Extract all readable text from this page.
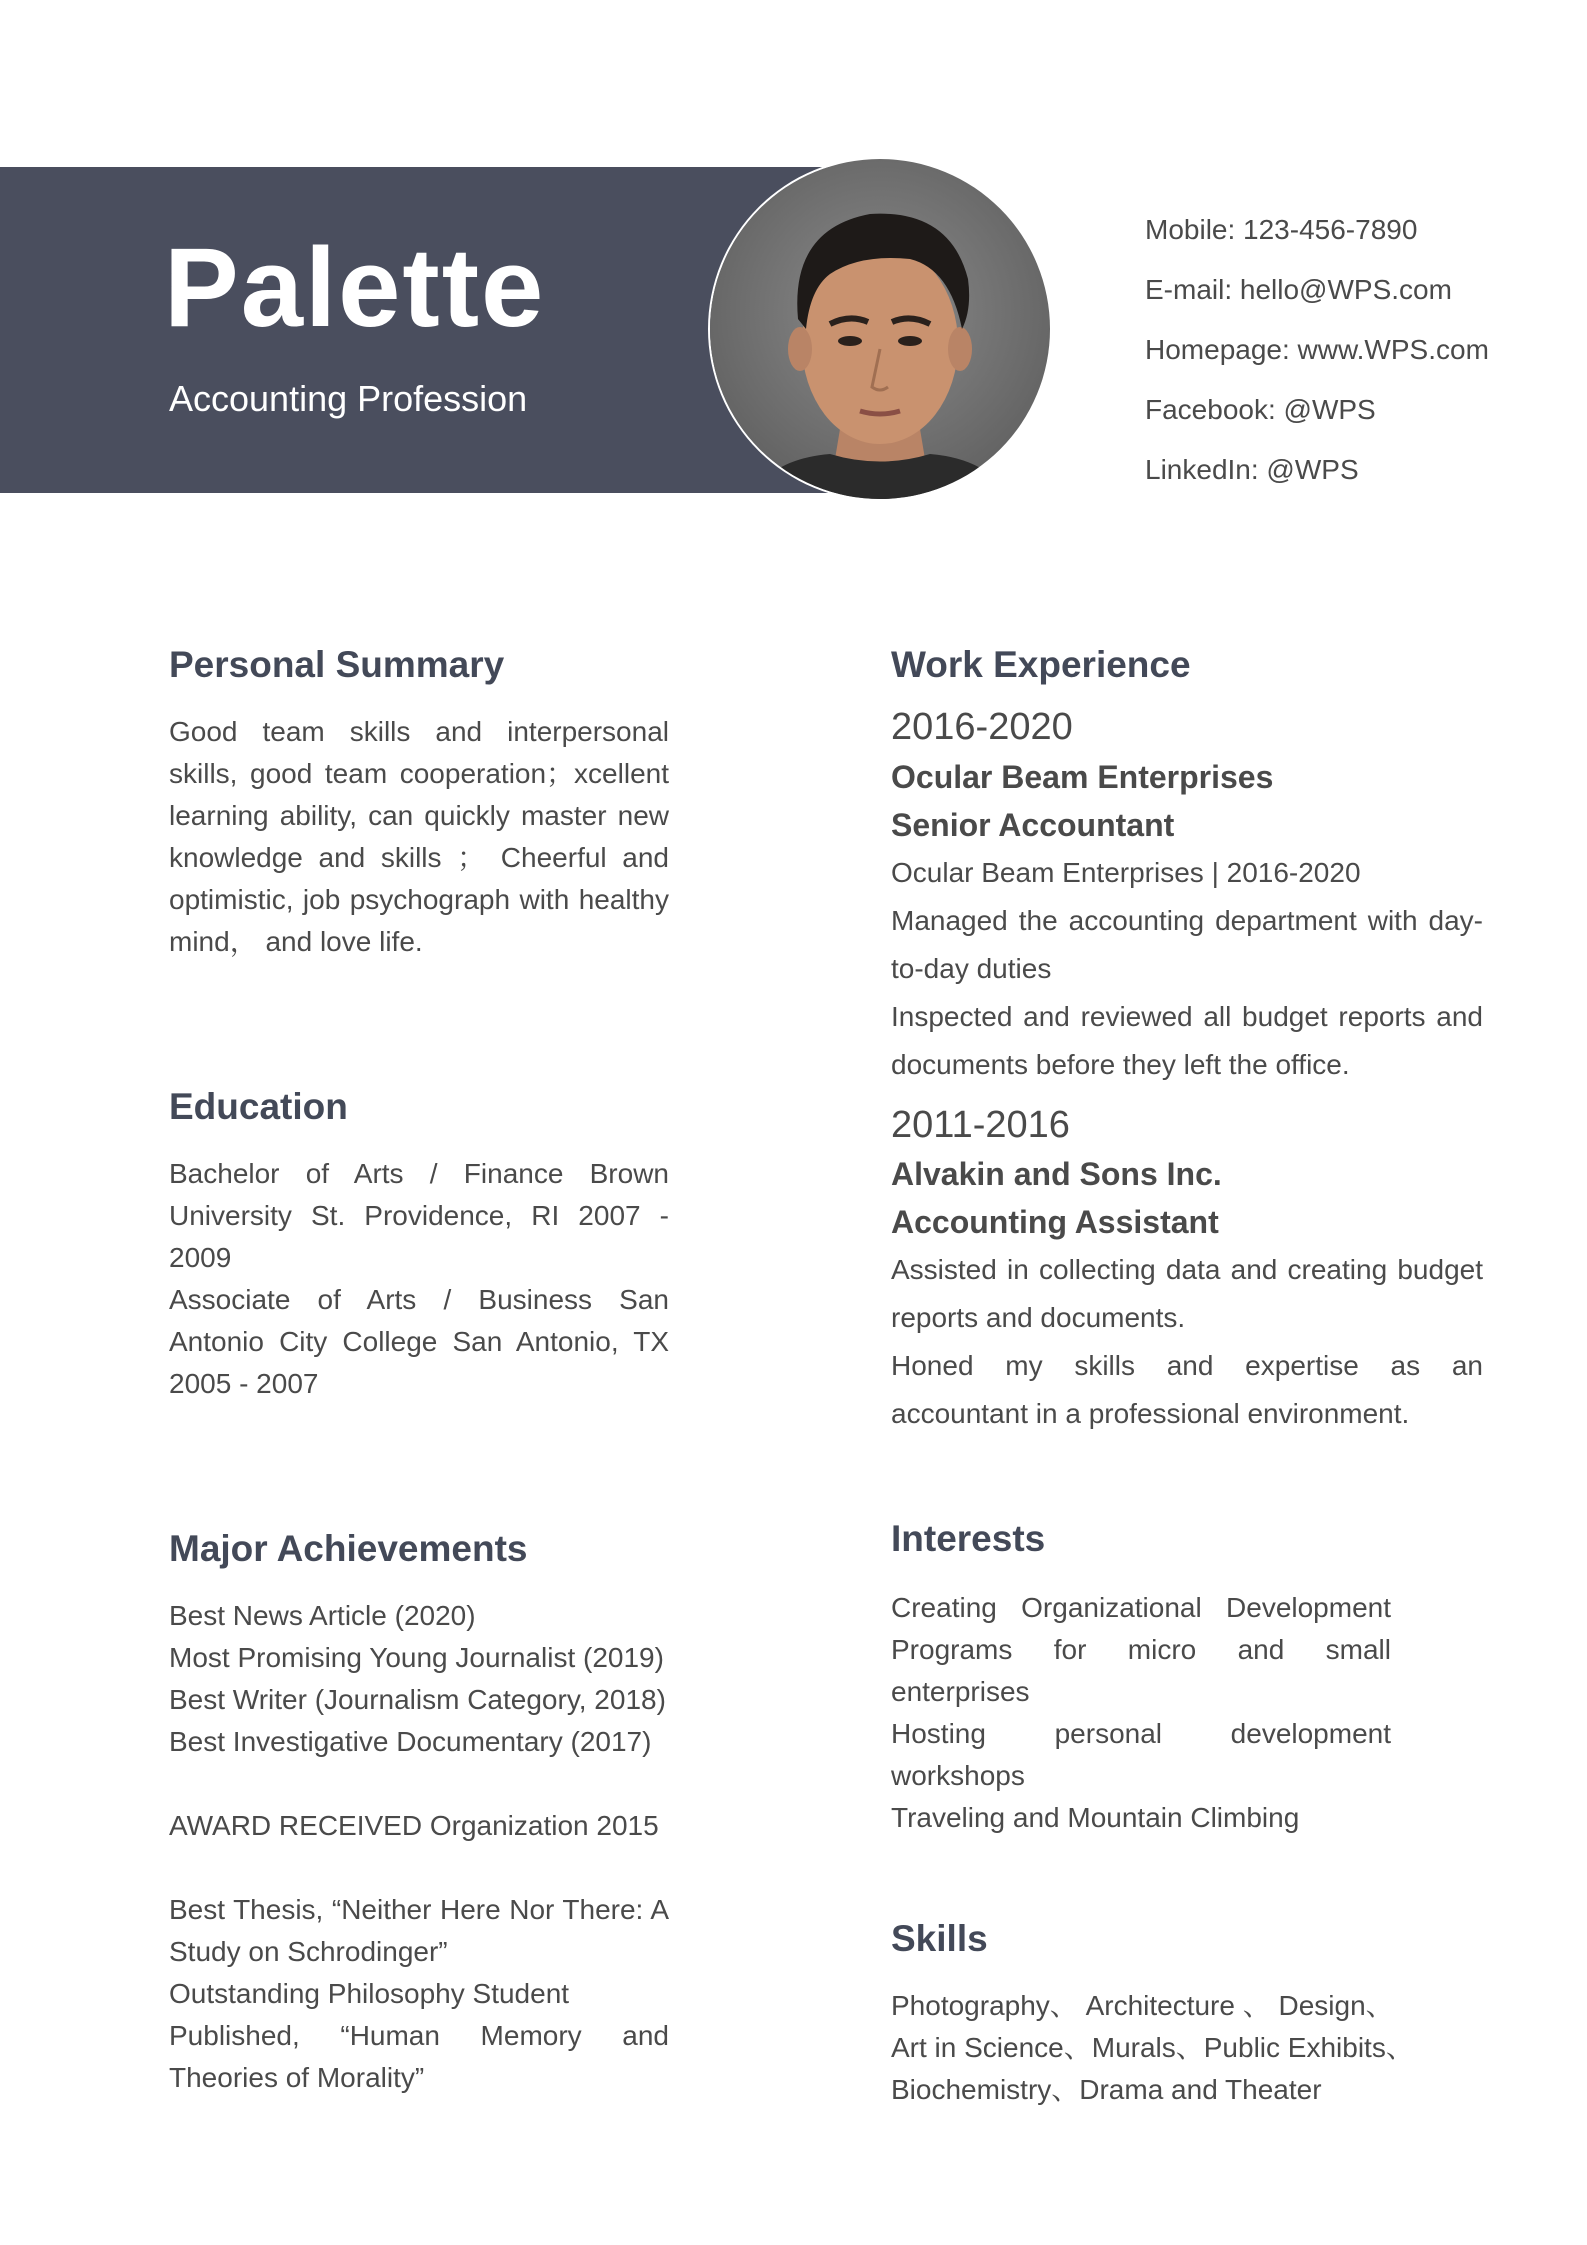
Palette
Accounting Profession
Mobile: 123-456-7890
E-mail: hello@WPS.com
Homepage: www.WPS.com
Facebook: @WPS
LinkedIn: @WPS
Personal Summary

Good team skills and interpersonal skills, good team cooperation；xcellent learning ability, can quickly master new knowledge and skills ； Cheerful and optimistic, job psychograph with healthy mind， and love life.

Education

Bachelor of Arts / Finance Brown University St. Providence, RI 2007 - 2009

Associate of Arts / Business San Antonio City College San Antonio, TX 2005 - 2007

Major Achievements

Best News Article (2020)

Most Promising Young Journalist (2019)

Best Writer (Journalism Category, 2018)

Best Investigative Documentary (2017)

AWARD RECEIVED Organization 2015

Best Thesis, “Neither Here Nor There: A Study on Schrodinger”

Outstanding Philosophy Student

Published, “Human Memory and Theories of Morality”

Work Experience

2016-2020

Ocular Beam Enterprises

Senior Accountant

Ocular Beam Enterprises | 2016-2020

Managed the accounting department with day-to-day duties

Inspected and reviewed all budget reports and documents before they left the office.

2011-2016

Alvakin and Sons Inc.

Accounting Assistant

Assisted in collecting data and creating budget reports and documents.

Honed my skills and expertise as an accountant in a professional environment.

Interests

Creating Organizational Development Programs for micro and small enterprises

Hosting personal development workshops

Traveling and Mountain Climbing

Skills

Photography、 Architecture 、 Design、

Art in Science、Murals、Public Exhibits、

Biochemistry、Drama and Theater
